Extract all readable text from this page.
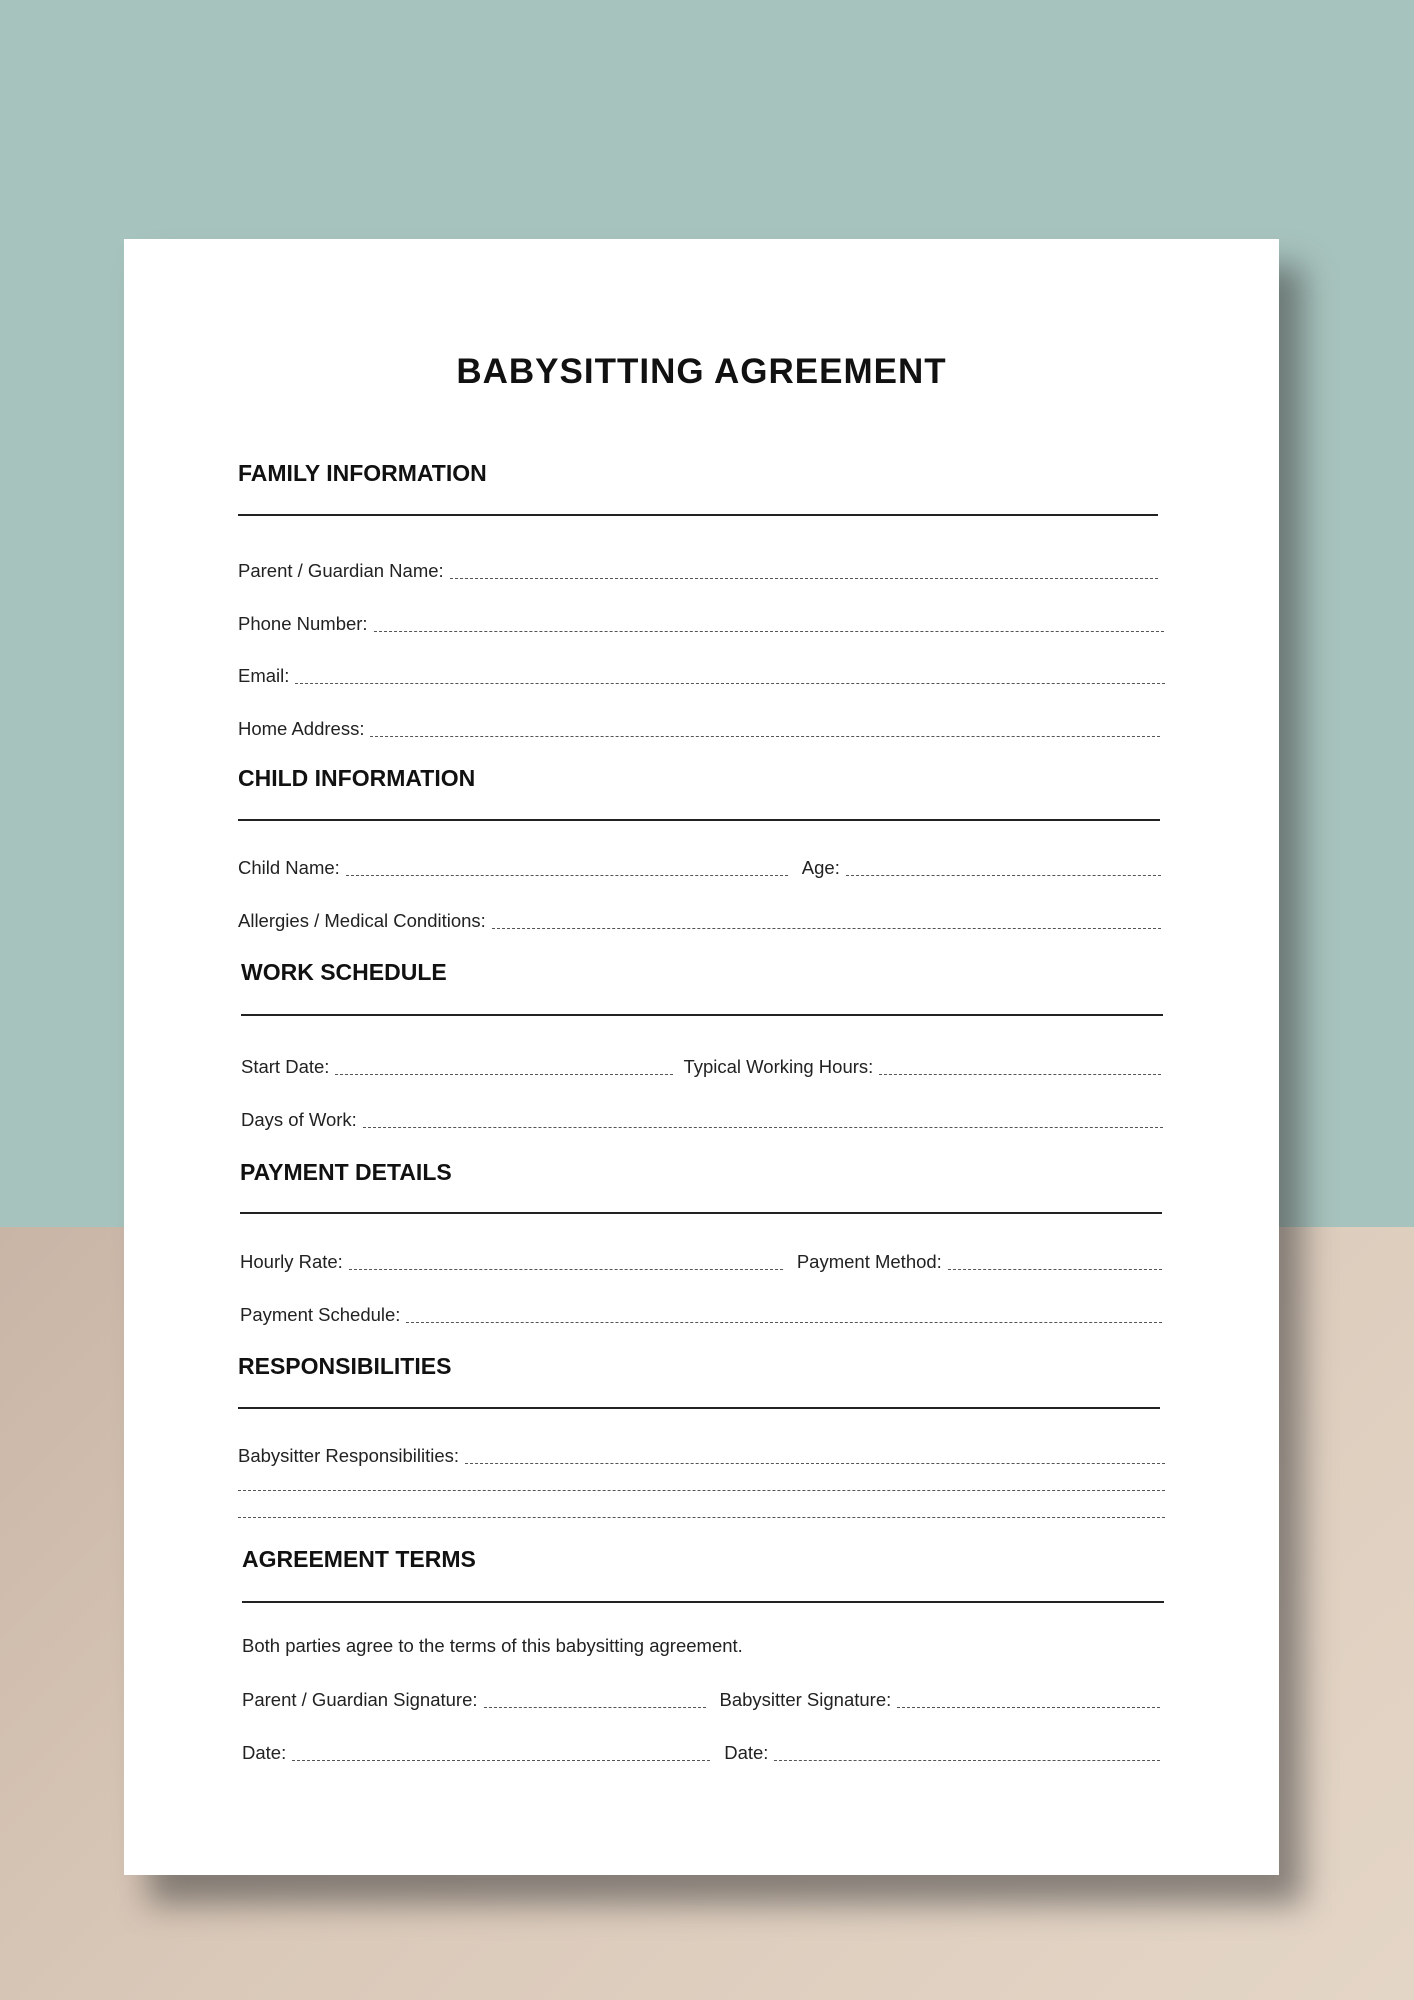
BABYSITTING AGREEMENT
FAMILY INFORMATION
Parent / Guardian Name:
Phone Number:
Email:
Home Address:
CHILD INFORMATION
Child Name:	Age:
Allergies / Medical Conditions:
WORK SCHEDULE
Start Date:	Typical Working Hours:
Days of Work:
PAYMENT DETAILS
Hourly Rate:	Payment Method:
Payment Schedule:
RESPONSIBILITIES
Babysitter Responsibilities:
AGREEMENT TERMS
Both parties agree to the terms of this babysitting agreement.
Parent / Guardian Signature:	Babysitter Signature:
Date:	Date:
